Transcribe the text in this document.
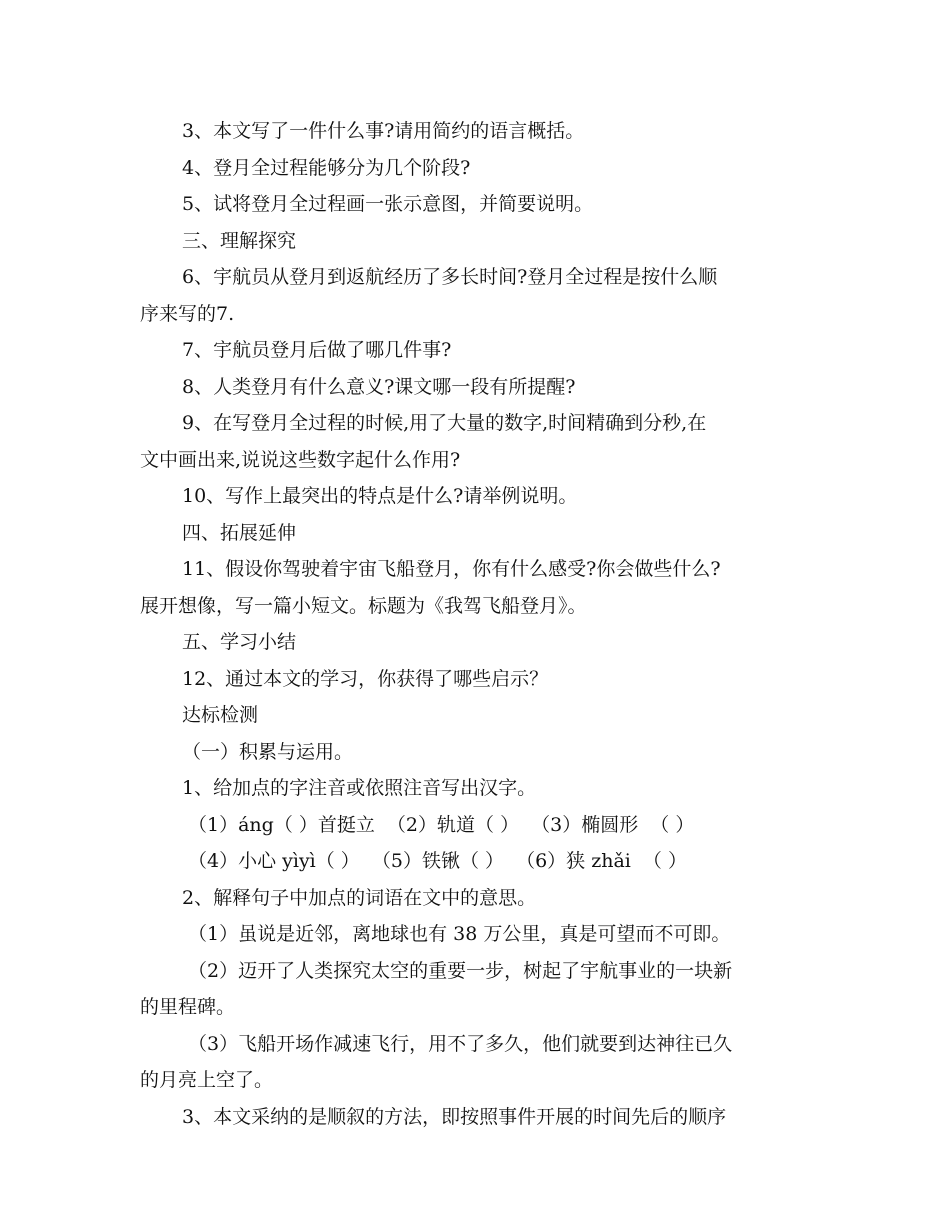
3、本文写了一件什么事?请用简约的语言概括。
4、登月全过程能够分为几个阶段?
5、试将登月全过程画一张示意图，并简要说明。
三、理解探究
6、宇航员从登月到返航经历了多长时间?登月全过程是按什么顺
序来写的7.
7、宇航员登月后做了哪几件事?
8、人类登月有什么意义?课文哪一段有所提醒?
9、在写登月全过程的时候,用了大量的数字,时间精确到分秒,在
文中画出来,说说这些数字起什么作用?
10、写作上最突出的特点是什么?请举例说明。
四、拓展延伸
11、假设你驾驶着宇宙飞船登月，你有什么感受?你会做些什么?
展开想像，写一篇小短文。标题为《我驾飞船登月》。
五、学习小结
12、通过本文的学习，你获得了哪些启示？
达标检测
（一）积累与运用。
1、给加点的字注音或依照注音写出汉字。
（1）áng（ ）首挺立  （2）轨道（ ）  （3）椭圆形  （ ）
（4）小心 yìyì（ ）  （5）铁锹（ ）  （6）狭 zhǎi  （ ）
2、解释句子中加点的词语在文中的意思。
（1）虽说是近邻，离地球也有 38 万公里，真是可望而不可即。
（2）迈开了人类探究太空的重要一步，树起了宇航事业的一块新
的里程碑。
（3）飞船开场作减速飞行，用不了多久，他们就要到达神往已久
的月亮上空了。
3、本文采纳的是顺叙的方法，即按照事件开展的时间先后的顺序
